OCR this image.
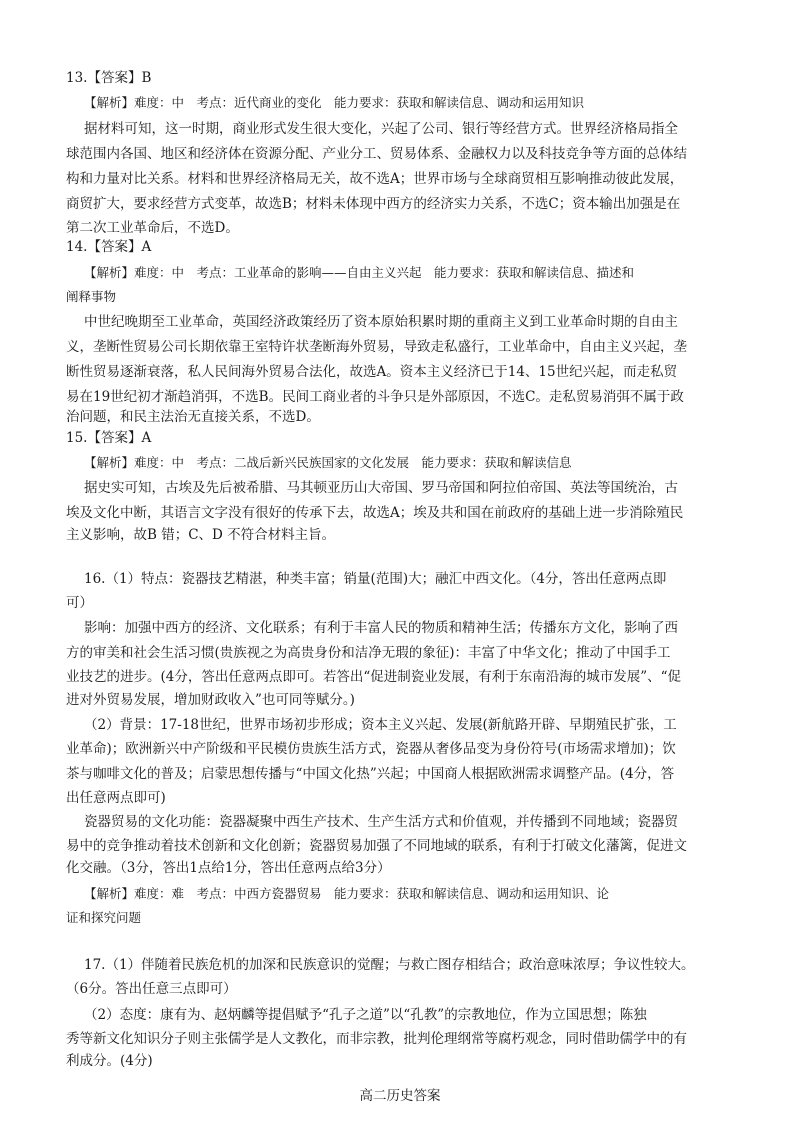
13.【答案】B
【解析】难度：中　考点：近代商业的变化　能力要求：获取和解读信息、调动和运用知识
据材料可知，这一时期，商业形式发生很大变化，兴起了公司、银行等经营方式。世界经济格局指全
球范围内各国、地区和经济体在资源分配、产业分工、贸易体系、金融权力以及科技竞争等方面的总体结
构和力量对比关系。材料和世界经济格局无关，故不选A；世界市场与全球商贸相互影响推动彼此发展，
商贸扩大，要求经营方式变革，故选B；材料未体现中西方的经济实力关系，不选C；资本输出加强是在
第二次工业革命后，不选D。
14.【答案】A
【解析】难度：中　考点：工业革命的影响——自由主义兴起　能力要求：获取和解读信息、描述和
阐释事物
中世纪晚期至工业革命，英国经济政策经历了资本原始积累时期的重商主义到工业革命时期的自由主
义，垄断性贸易公司长期依靠王室特许状垄断海外贸易，导致走私盛行，工业革命中，自由主义兴起，垄
断性贸易逐渐衰落，私人民间海外贸易合法化，故选A。资本主义经济已于14、15世纪兴起，而走私贸
易在19世纪初才渐趋消弭，不选B。民间工商业者的斗争只是外部原因，不选C。走私贸易消弭不属于政
治问题，和民主法治无直接关系，不选D。
15.【答案】A
【解析】难度：中　考点：二战后新兴民族国家的文化发展　能力要求：获取和解读信息
据史实可知，古埃及先后被希腊、马其顿亚历山大帝国、罗马帝国和阿拉伯帝国、英法等国统治，古
埃及文化中断，其语言文字没有很好的传承下去，故选A；埃及共和国在前政府的基础上进一步消除殖民
主义影响，故B 错；C、D 不符合材料主旨。
16.（1）特点：瓷器技艺精湛，种类丰富；销量(范围)大；融汇中西文化。（4分，答出任意两点即
可）
影响：加强中西方的经济、文化联系；有利于丰富人民的物质和精神生活；传播东方文化，影响了西
方的审美和社会生活习惯(贵族视之为高贵身份和洁净无瑕的象征)：丰富了中华文化；推动了中国手工
业技艺的进步。(4分，答出任意两点即可。若答出“促进制瓷业发展，有利于东南沿海的城市发展”、“促
进对外贸易发展，增加财政收入”也可同等赋分。)
（2）背景：17-18世纪，世界市场初步形成；资本主义兴起、发展(新航路开辟、早期殖民扩张，工
业革命)；欧洲新兴中产阶级和平民模仿贵族生活方式，瓷器从奢侈品变为身份符号(市场需求增加)；饮
茶与咖啡文化的普及；启蒙思想传播与“中国文化热”兴起；中国商人根据欧洲需求调整产品。(4分，答
出任意两点即可)
瓷器贸易的文化功能：瓷器凝聚中西生产技术、生产生活方式和价值观，并传播到不同地域；瓷器贸
易中的竞争推动着技术创新和文化创新；瓷器贸易加强了不同地域的联系，有利于打破文化藩篱，促进文
化交融。（3分，答出1点给1分，答出任意两点给3分）
【解析】难度：难　考点：中西方瓷器贸易　能力要求：获取和解读信息、调动和运用知识、论
证和探究问题
17.（1）伴随着民族危机的加深和民族意识的觉醒；与救亡图存相结合；政治意味浓厚；争议性较大。
（6分。答出任意三点即可）
（2）态度：康有为、赵炳麟等提倡赋予“孔子之道”以“孔教”的宗教地位，作为立国思想；陈独
秀等新文化知识分子则主张儒学是人文教化，而非宗教，批判伦理纲常等腐朽观念，同时借助儒学中的有
利成分。(4分)
高二历史答案
